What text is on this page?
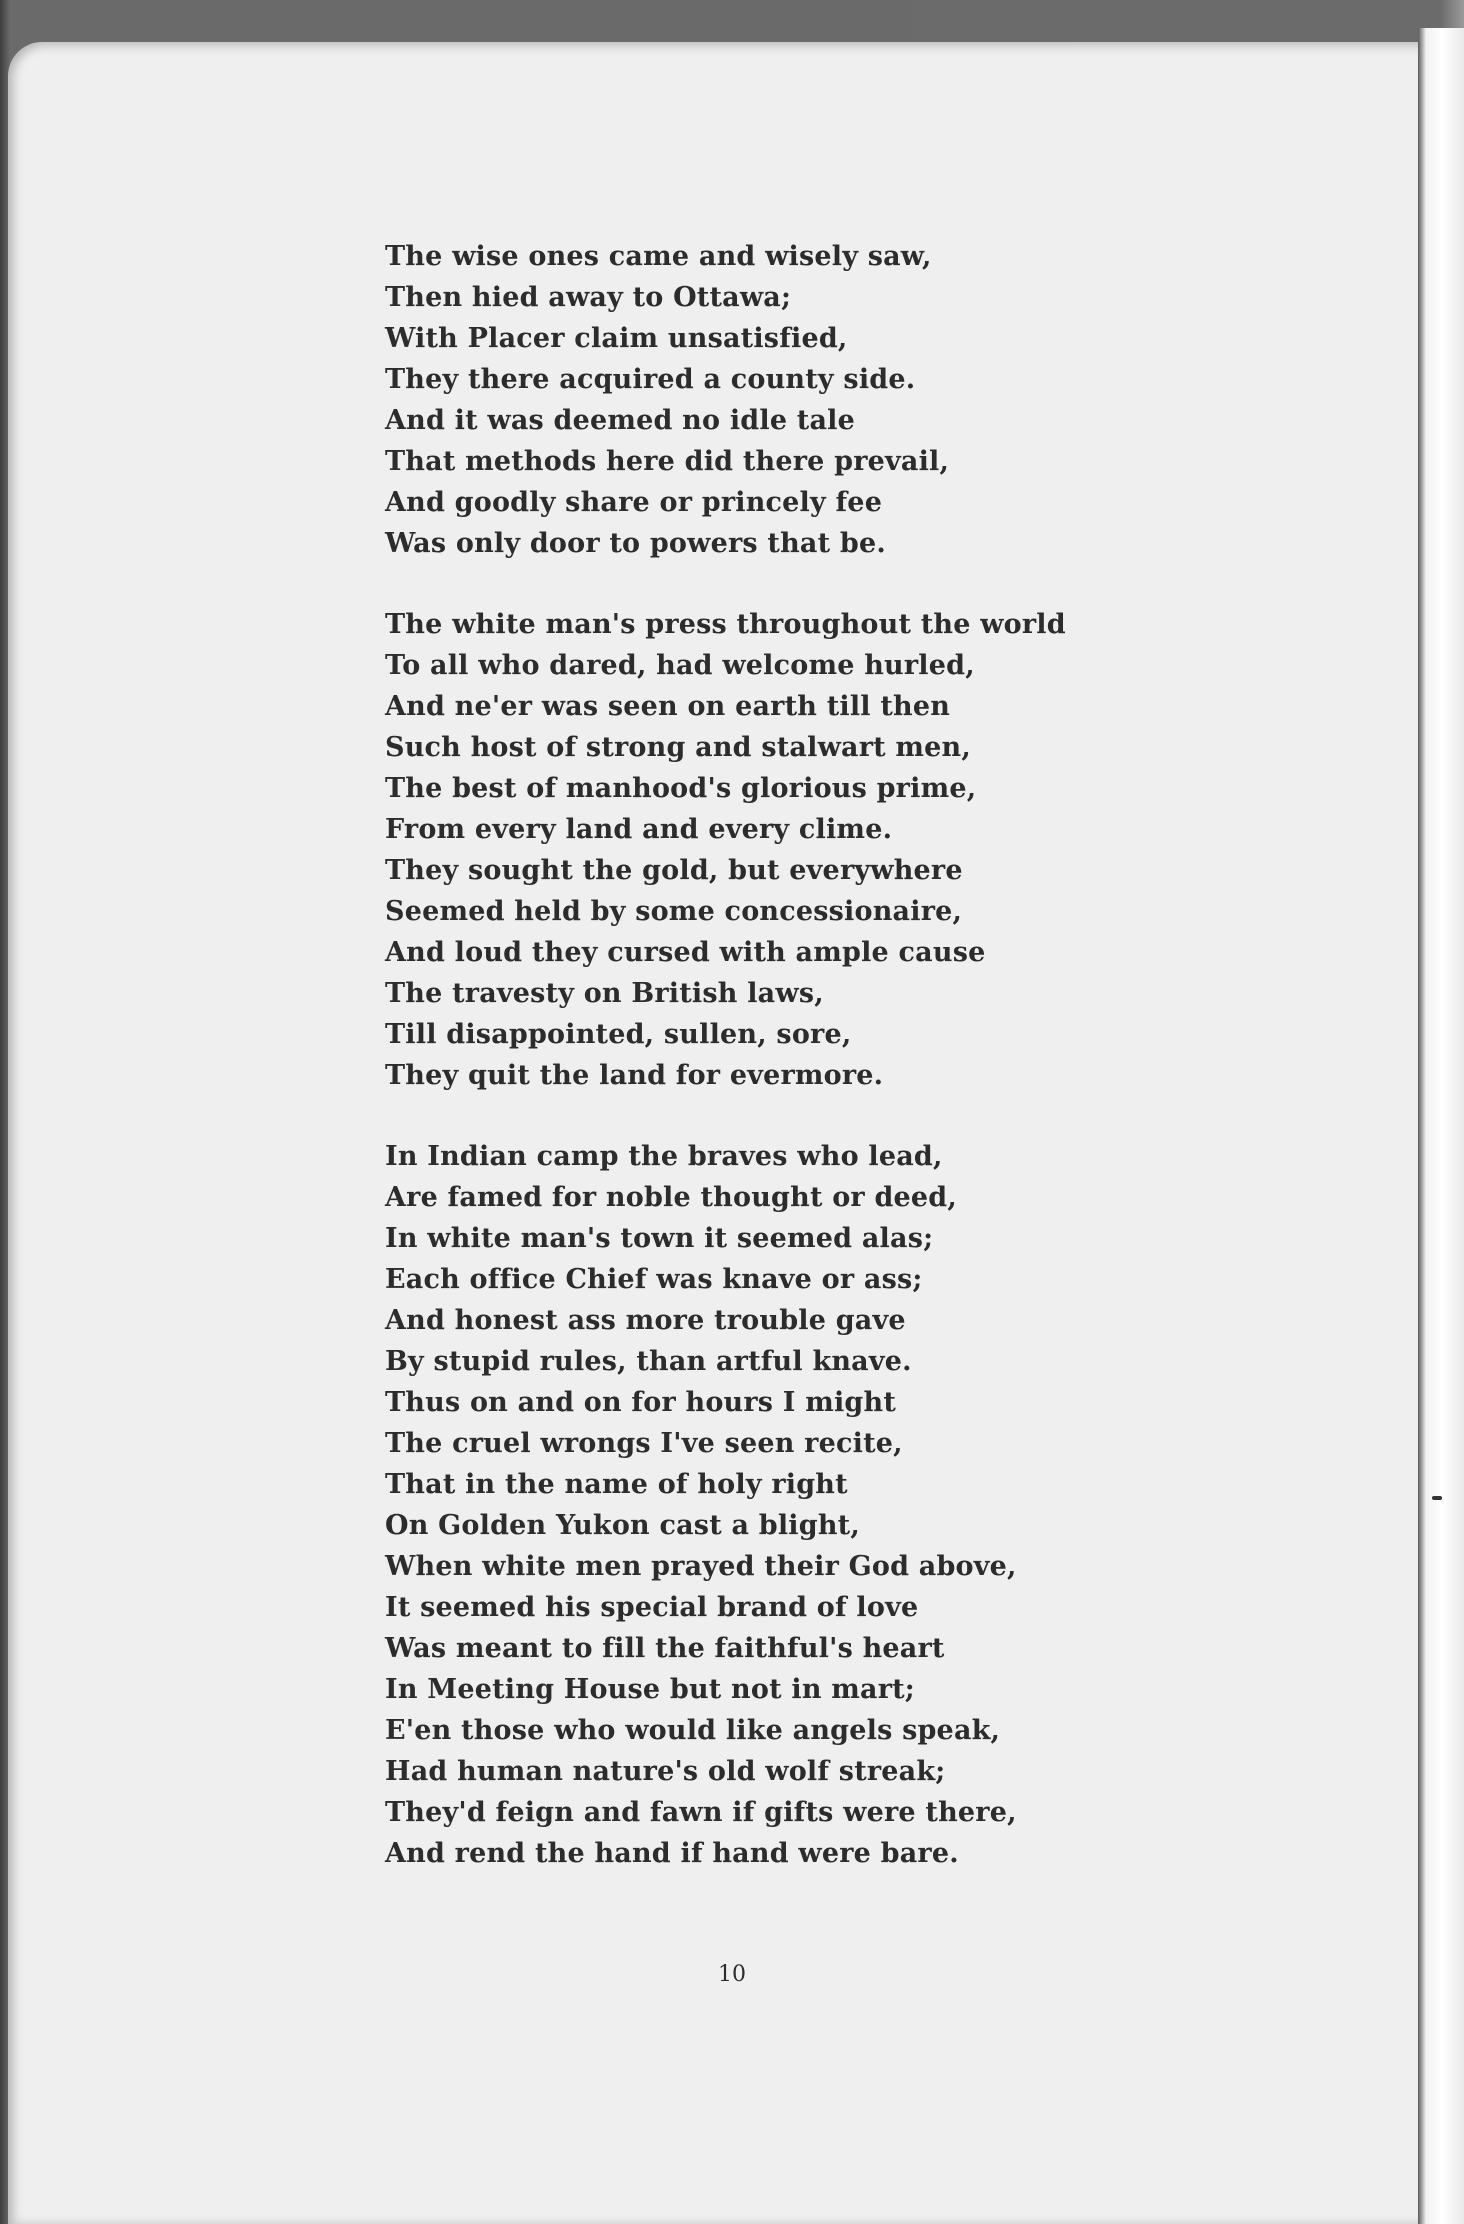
The wise ones came and wisely saw,
Then hied away to Ottawa;
With Placer claim unsatisfied,
They there acquired a county side.
And it was deemed no idle tale
That methods here did there prevail,
And goodly share or princely fee
Was only door to powers that be.
The white man's press throughout the world
To all who dared, had welcome hurled,
And ne'er was seen on earth till then
Such host of strong and stalwart men,
The best of manhood's glorious prime,
From every land and every clime.
They sought the gold, but everywhere
Seemed held by some concessionaire,
And loud they cursed with ample cause
The travesty on British laws,
Till disappointed, sullen, sore,
They quit the land for evermore.
In Indian camp the braves who lead,
Are famed for noble thought or deed,
In white man's town it seemed alas;
Each office Chief was knave or ass;
And honest ass more trouble gave
By stupid rules, than artful knave.
Thus on and on for hours I might
The cruel wrongs I've seen recite,
That in the name of holy right
On Golden Yukon cast a blight,
When white men prayed their God above,
It seemed his special brand of love
Was meant to fill the faithful's heart
In Meeting House but not in mart;
E'en those who would like angels speak,
Had human nature's old wolf streak;
They'd feign and fawn if gifts were there,
And rend the hand if hand were bare.
10
